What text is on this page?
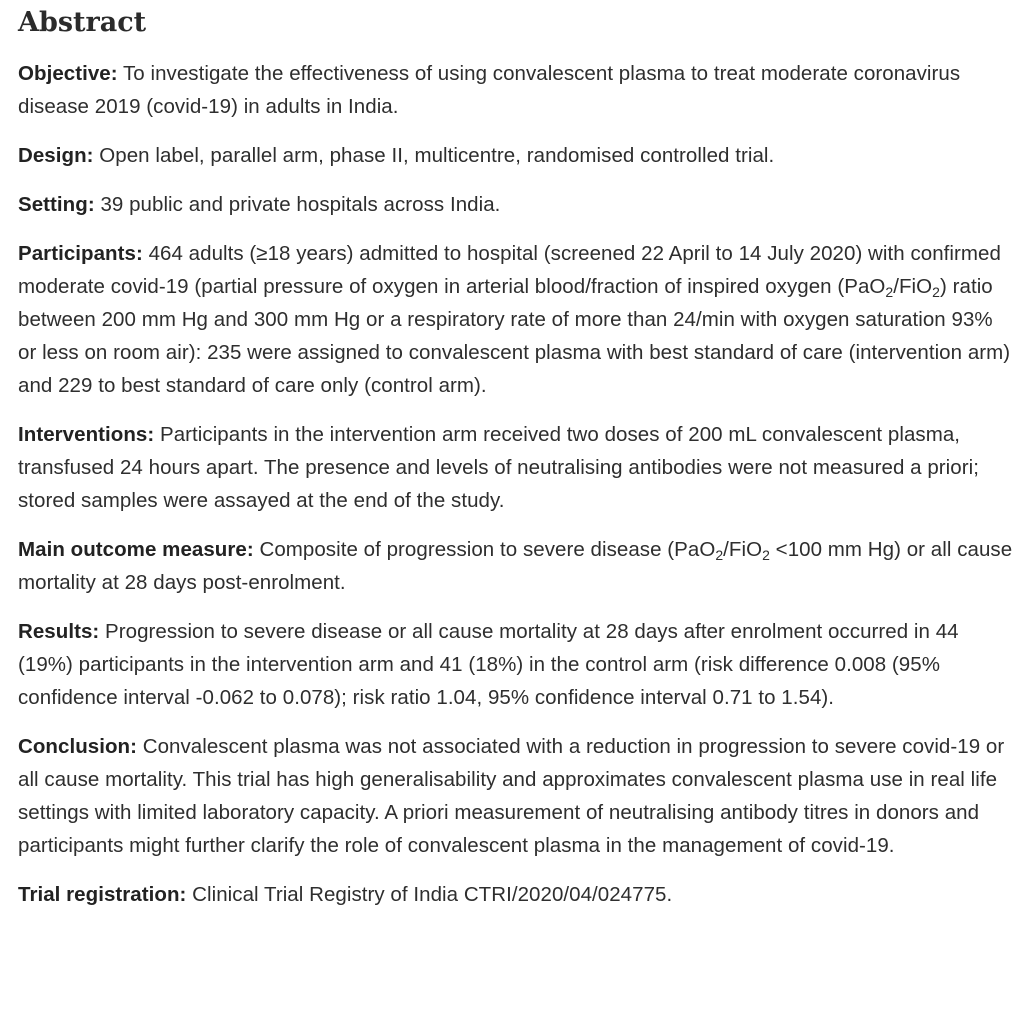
Abstract

Objective: To investigate the effectiveness of using convalescent plasma to treat moderate coronavirus disease 2019 (covid-19) in adults in India.

Design: Open label, parallel arm, phase II, multicentre, randomised controlled trial.

Setting: 39 public and private hospitals across India.

Participants: 464 adults (≥18 years) admitted to hospital (screened 22 April to 14 July 2020) with confirmed moderate covid-19 (partial pressure of oxygen in arterial blood/fraction of inspired oxygen (PaO$_2$/FiO$_2$) ratio between 200 mm Hg and 300 mm Hg or a respiratory rate of more than 24/min with oxygen saturation 93% or less on room air): 235 were assigned to convalescent plasma with best standard of care (intervention arm) and 229 to best standard of care only (control arm).

Interventions: Participants in the intervention arm received two doses of 200 mL convalescent plasma, transfused 24 hours apart. The presence and levels of neutralising antibodies were not measured a priori; stored samples were assayed at the end of the study.

Main outcome measure: Composite of progression to severe disease (PaO$_2$/FiO$_2$ <100 mm Hg) or all cause mortality at 28 days post-enrolment.

Results: Progression to severe disease or all cause mortality at 28 days after enrolment occurred in 44 (19%) participants in the intervention arm and 41 (18%) in the control arm (risk difference 0.008 (95% confidence interval -0.062 to 0.078); risk ratio 1.04, 95% confidence interval 0.71 to 1.54).

Conclusion: Convalescent plasma was not associated with a reduction in progression to severe covid-19 or all cause mortality. This trial has high generalisability and approximates convalescent plasma use in real life settings with limited laboratory capacity. A priori measurement of neutralising antibody titres in donors and participants might further clarify the role of convalescent plasma in the management of covid-19.

Trial registration: Clinical Trial Registry of India CTRI/2020/04/024775.
